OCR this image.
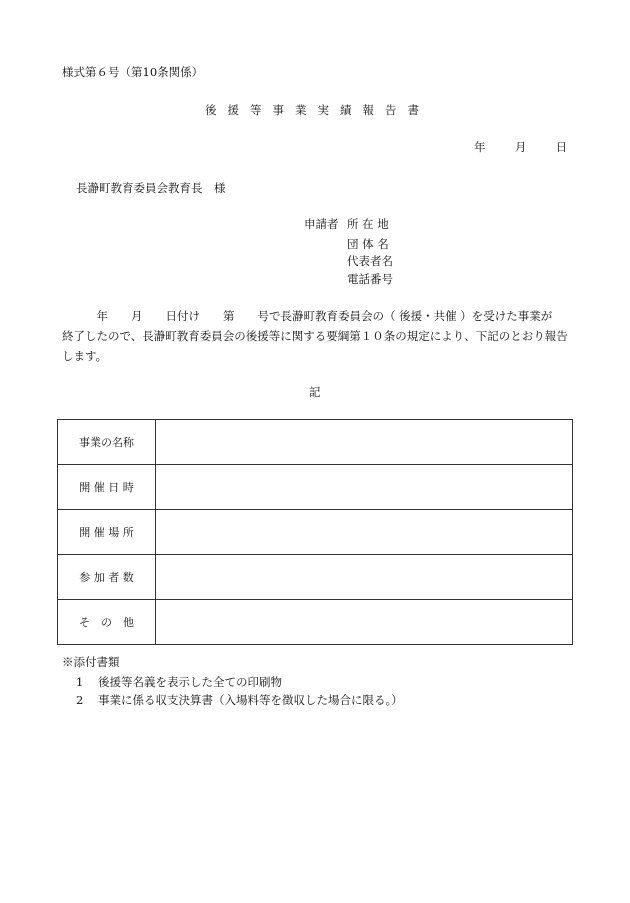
様式第６号（第10条関係）
後援等事業実績報告書
年	月	日
長瀞町教育委員会教育長　様
申請者 所 在 地
団 体 名
代表者名
電話番号
　　　年　　月　　日付け　　第　　号で長瀞町教育委員会の（ 後援・共催 ）を受けた事業が
終了したので、長瀞町教育委員会の後援等に関する要綱第１０条の規定により、下記のとおり報告
します。
記
事業の名称	
開 催 日 時	
開 催 場 所	
参 加 者 数	
そ　の　他	
※添付書類
1 後援等名義を表示した全ての印刷物
2 事業に係る収支決算書（入場料等を徴収した場合に限る。）
